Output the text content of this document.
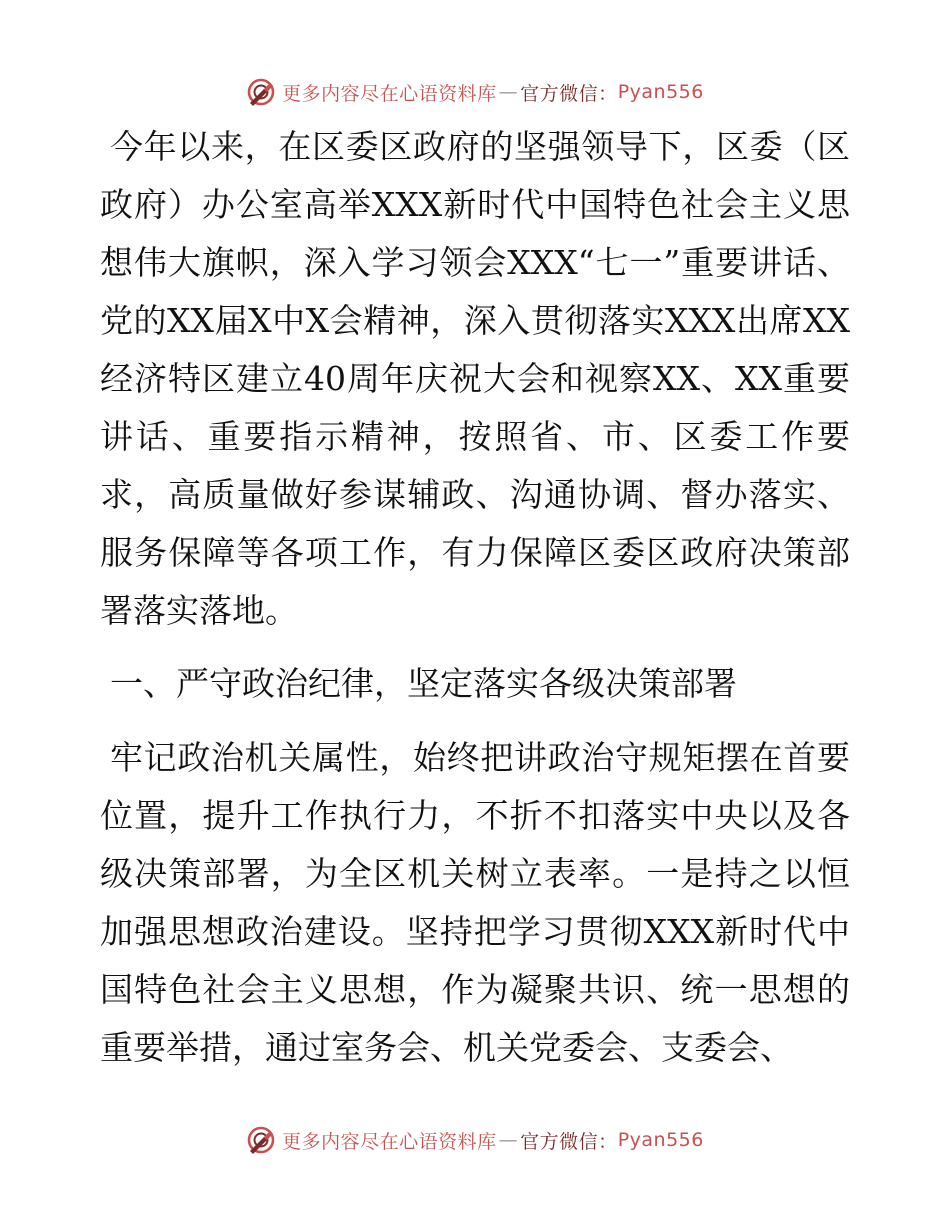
更多内容尽在心语资料库 — 官方微信： Pyan556

今年以来，在区委区政府的坚强领导下，区委（区政府）办公室高举XXX新时代中国特色社会主义思想伟大旗帜，深入学习领会XXX“七一”重要讲话、党的XX届X中X会精神，深入贯彻落实XXX出席XX经济特区建立40周年庆祝大会和视察XX、XX重要讲话、重要指示精神，按照省、市、区委工作要求，高质量做好参谋辅政、沟通协调、督办落实、服务保障等各项工作，有力保障区委区政府决策部署落实落地。

一、严守政治纪律，坚定落实各级决策部署

牢记政治机关属性，始终把讲政治守规矩摆在首要位置，提升工作执行力，不折不扣落实中央以及各级决策部署，为全区机关树立表率。一是持之以恒加强思想政治建设。坚持把学习贯彻XXX新时代中国特色社会主义思想，作为凝聚共识、统一思想的重要举措，通过室务会、机关党委会、支委会、

更多内容尽在心语资料库 — 官方微信： Pyan556
